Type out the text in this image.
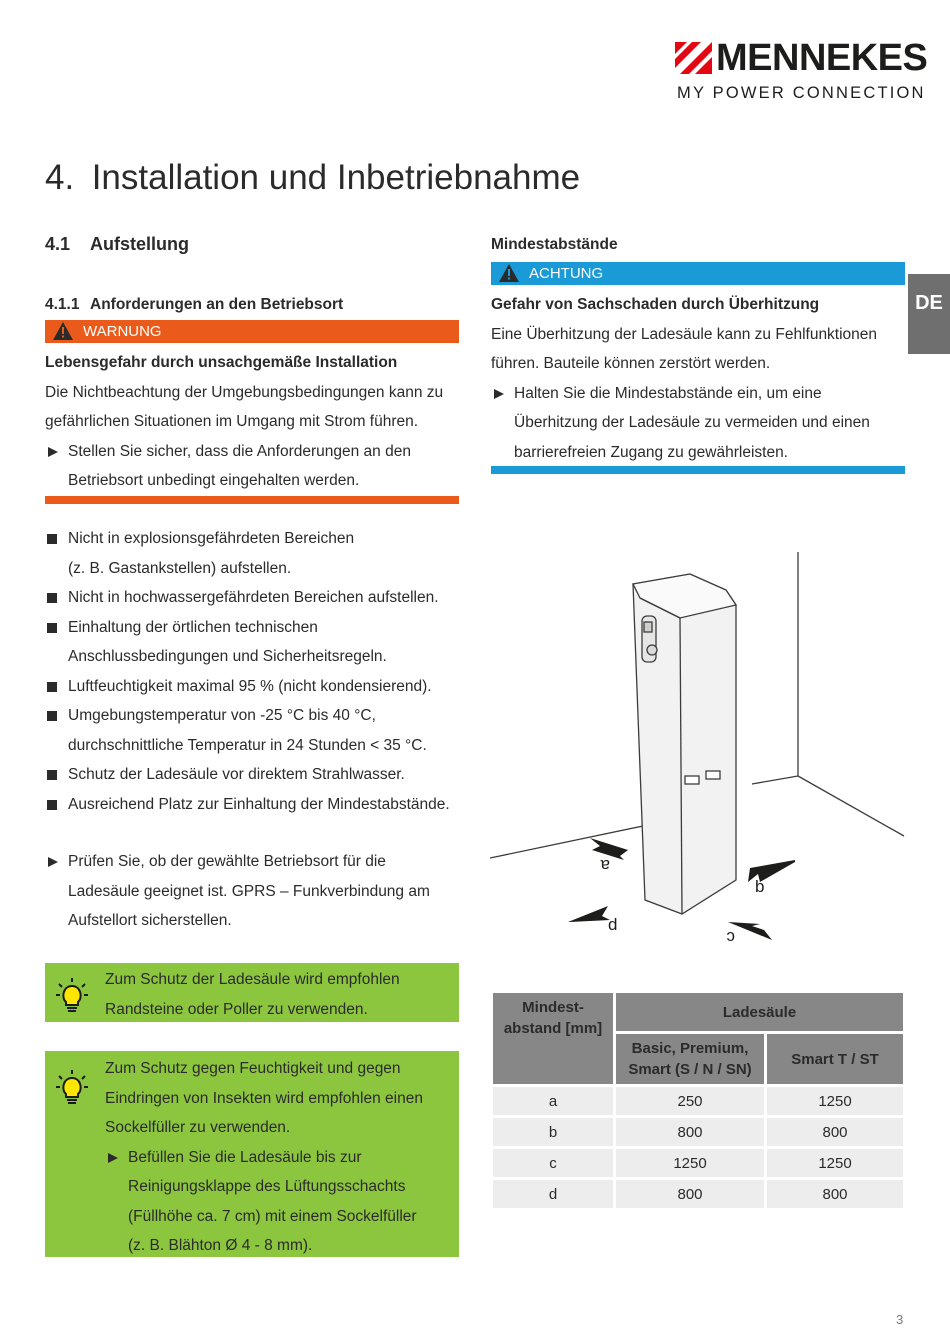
MENNEKES
MY POWER CONNECTION
4. Installation und Inbetriebnahme
4.1 Aufstellung
4.1.1 Anforderungen an den Betriebsort
WARNUNG
Lebensgefahr durch unsachgemäße Installation
Die Nichtbeachtung der Umgebungsbedingungen kann zu
gefährlichen Situationen im Umgang mit Strom führen.
Stellen Sie sicher, dass die Anforderungen an den
Betriebsort unbedingt eingehalten werden.
Nicht in explosionsgefährdeten Bereichen
(z. B. Gastankstellen) aufstellen.
Nicht in hochwassergefährdeten Bereichen aufstellen.
Einhaltung der örtlichen technischen
Anschlussbedingungen und Sicherheitsregeln.
Luftfeuchtigkeit maximal 95 % (nicht kondensierend).
Umgebungstemperatur von -25 °C bis 40 °C,
durchschnittliche Temperatur in 24 Stunden < 35 °C.
Schutz der Ladesäule vor direktem Strahlwasser.
Ausreichend Platz zur Einhaltung der Mindestabstände.
Prüfen Sie, ob der gewählte Betriebsort für die
Ladesäule geeignet ist. GPRS – Funkverbindung am
Aufstellort sicherstellen.
Zum Schutz der Ladesäule wird empfohlen
Randsteine oder Poller zu verwenden.
Zum Schutz gegen Feuchtigkeit und gegen
Eindringen von Insekten wird empfohlen einen
Sockelfüller zu verwenden.
Befüllen Sie die Ladesäule bis zur
Reinigungsklappe des Lüftungsschachts
(Füllhöhe ca. 7 cm) mit einem Sockelfüller
(z. B. Blähton Ø 4 - 8 mm).
Mindestabstände
ACHTUNG
Gefahr von Sachschaden durch Überhitzung
Eine Überhitzung der Ladesäule kann zu Fehlfunktionen
führen. Bauteile können zerstört werden.
Halten Sie die Mindestabstände ein, um eine
Überhitzung der Ladesäule zu vermeiden und einen
barrierefreien Zugang zu gewährleisten.
DE
a
b
c
d
Mindest-
abstand [mm]	Ladesäule	

	Basic, Premium,
Smart (S / N / SN)	Smart T / ST
a	250	1250
b	800	800
c	1250	1250
d	800	800
3
